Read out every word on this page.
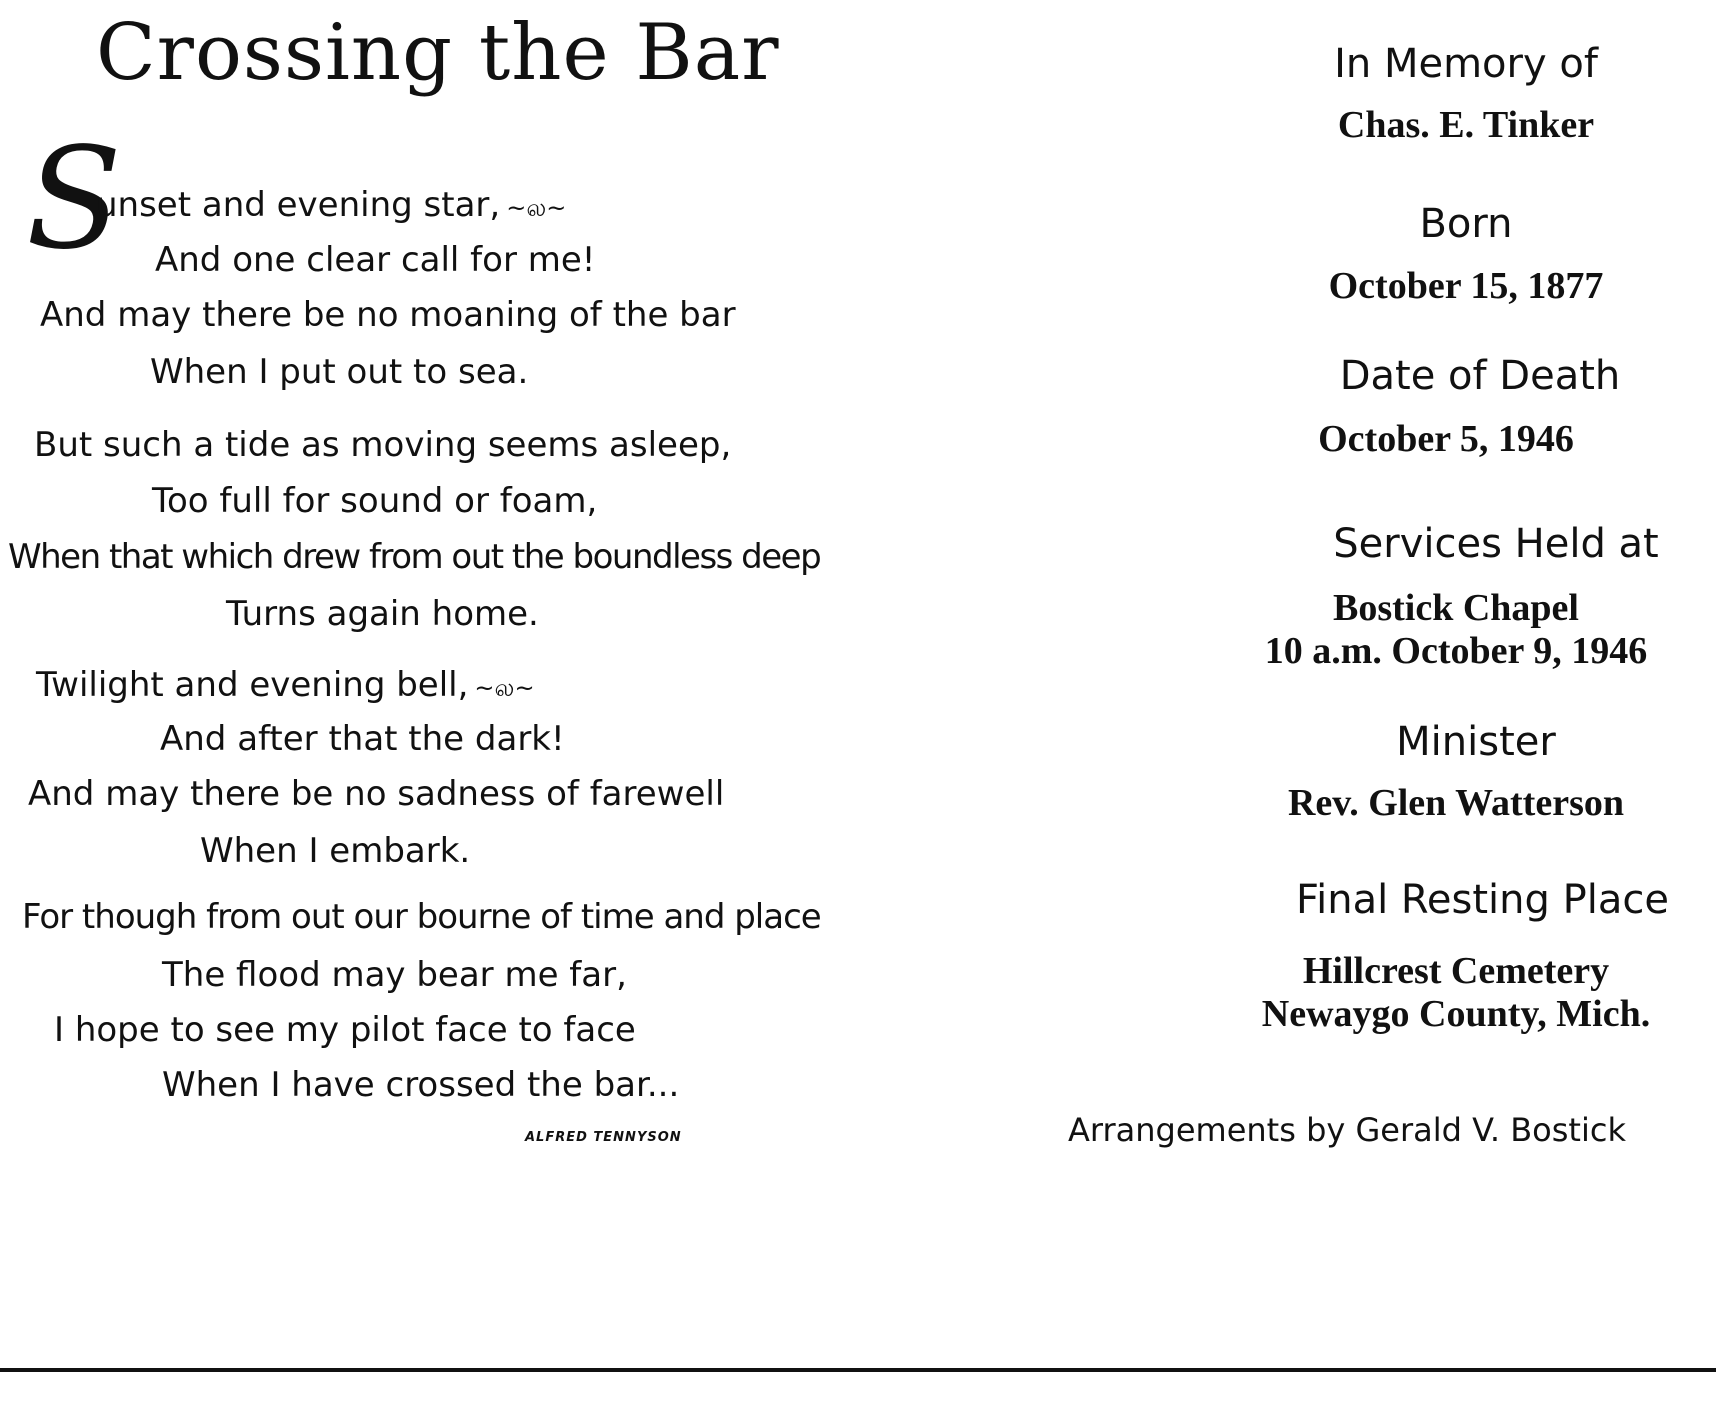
Crossing the Bar
S
unset and evening star, ~ல~
And one clear call for me!
And may there be no moaning of the bar
When I put out to sea.
But such a tide as moving seems asleep,
Too full for sound or foam,
When that which drew from out the boundless deep
Turns again home.
Twilight and evening bell, ~ல~
And after that the dark!
And may there be no sadness of farewell
When I embark.
For though from out our bourne of time and place
The flood may bear me far,
I hope to see my pilot face to face
When I have crossed the bar...
ALFRED TENNYSON
In Memory of
Chas. E. Tinker
Born
October 15, 1877
Date of Death
October 5, 1946
Services Held at
Bostick Chapel
10 a.m. October 9, 1946
Minister
Rev. Glen Watterson
Final Resting Place
Hillcrest Cemetery
Newaygo County, Mich.
Arrangements by Gerald V. Bostick
